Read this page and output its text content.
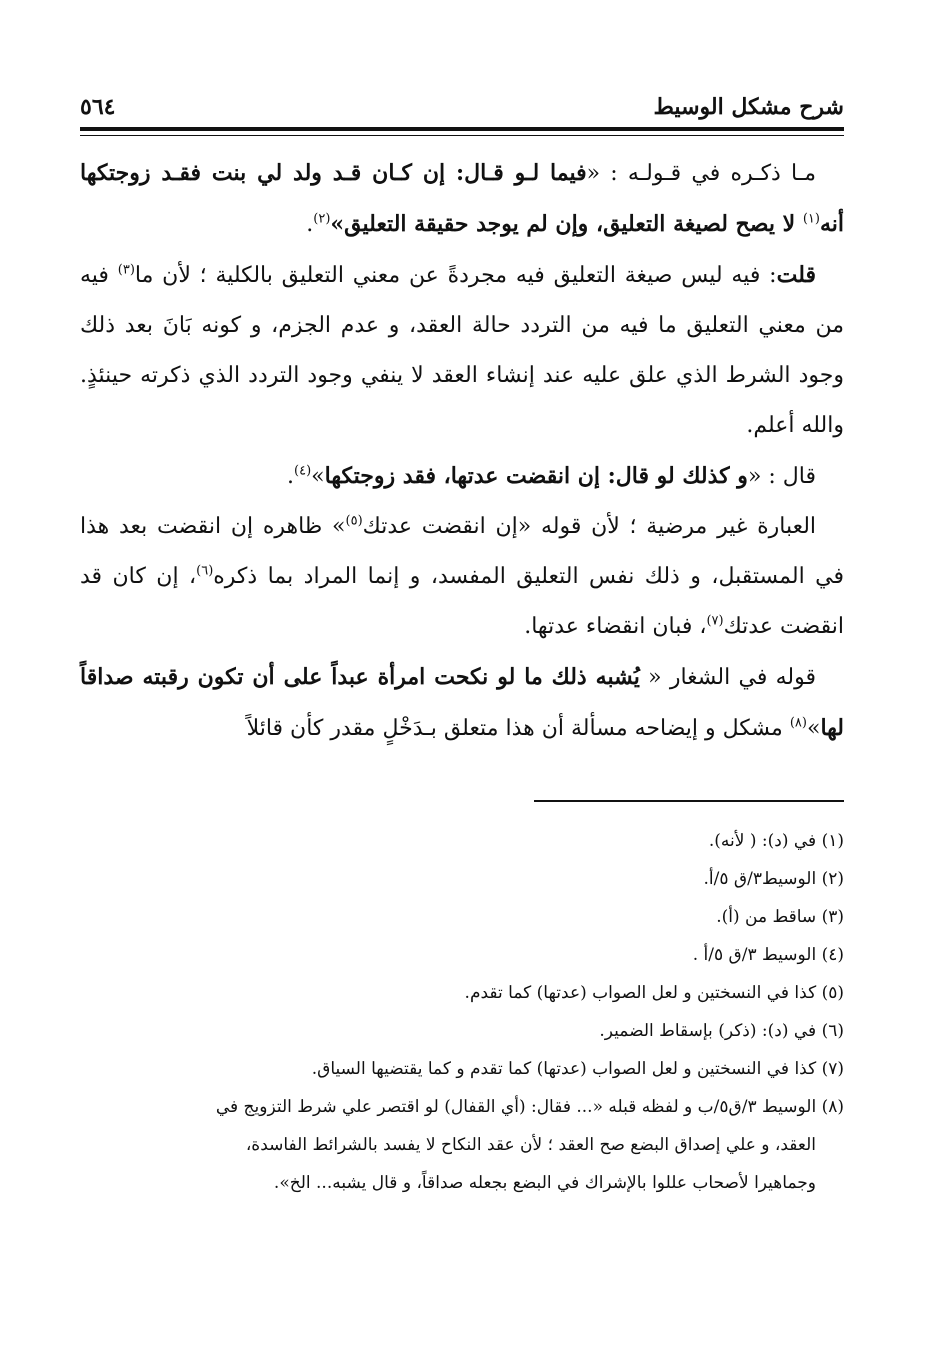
شرح مشكل الوسيط
٥٦٤

مـا ذكـره في قـولـه : «فيما لـو قـال: إن كـان قـد ولد لي بنت فقـد زوجتكها أنه$^{(١)}$ لا يصح لصيغة التعليق، وإن لم يوجد حقيقة التعليق»$^{(٢)}$.

قلت: فيه ليس صيغة التعليق فيه مجردةً عن معني التعليق بالكلية ؛ لأن ما$^{(٣)}$ فيه من معني التعليق ما فيه من التردد حالة العقد، و عدم الجزم، و كونه بَانَ بعد ذلك وجود الشرط الذي علق عليه عند إنشاء العقد لا ينفي وجود التردد الذي ذكرته حينئذٍ. والله أعلم.

قال : «و كذلك لو قال: إن انقضت عدتها، فقد زوجتكها»$^{(٤)}$.

العبارة غير مرضية ؛ لأن قوله «إن انقضت عدتك$^{(٥)}$» ظاهره إن انقضت بعد هذا في المستقبل، و ذلك نفس التعليق المفسد، و إنما المراد بما ذكره$^{(٦)}$، إن كان قد انقضت عدتك$^{(٧)}$، فبان انقضاء عدتها.

قوله في الشغار « يُشبه ذلك ما لو نكحت امرأة عبداً على أن تكون رقبته صداقاً لها»$^{(٨)}$ مشكل و إيضاحه مسألة أن هذا متعلق بـدَخْلٍ مقدر كأن قائلاً

(١) في (د): ( لأنه).

(٢) الوسيط٣/ق ٥/أ.

(٣) ساقط من (أ).

(٤) الوسيط ٣/ق ٥/أ .

(٥) كذا في النسختين و لعل الصواب (عدتها) كما تقدم.

(٦) في (د): (ذكر) بإسقاط الضمير.

(٧) كذا في النسختين و لعل الصواب (عدتها) كما تقدم و كما يقتضيها السياق.

(٨) الوسيط ٣/ق٥/ب و لفظه قبله «... فقال: (أي القفال) لو اقتصر علي شرط التزويج في

العقد، و علي إصداق البضع صح العقد ؛ لأن عقد النكاح لا يفسد بالشرائط الفاسدة،

وجماهيرا لأصحاب عللوا بالإشراك في البضع بجعله صداقاً، و قال يشبه... الخ».
